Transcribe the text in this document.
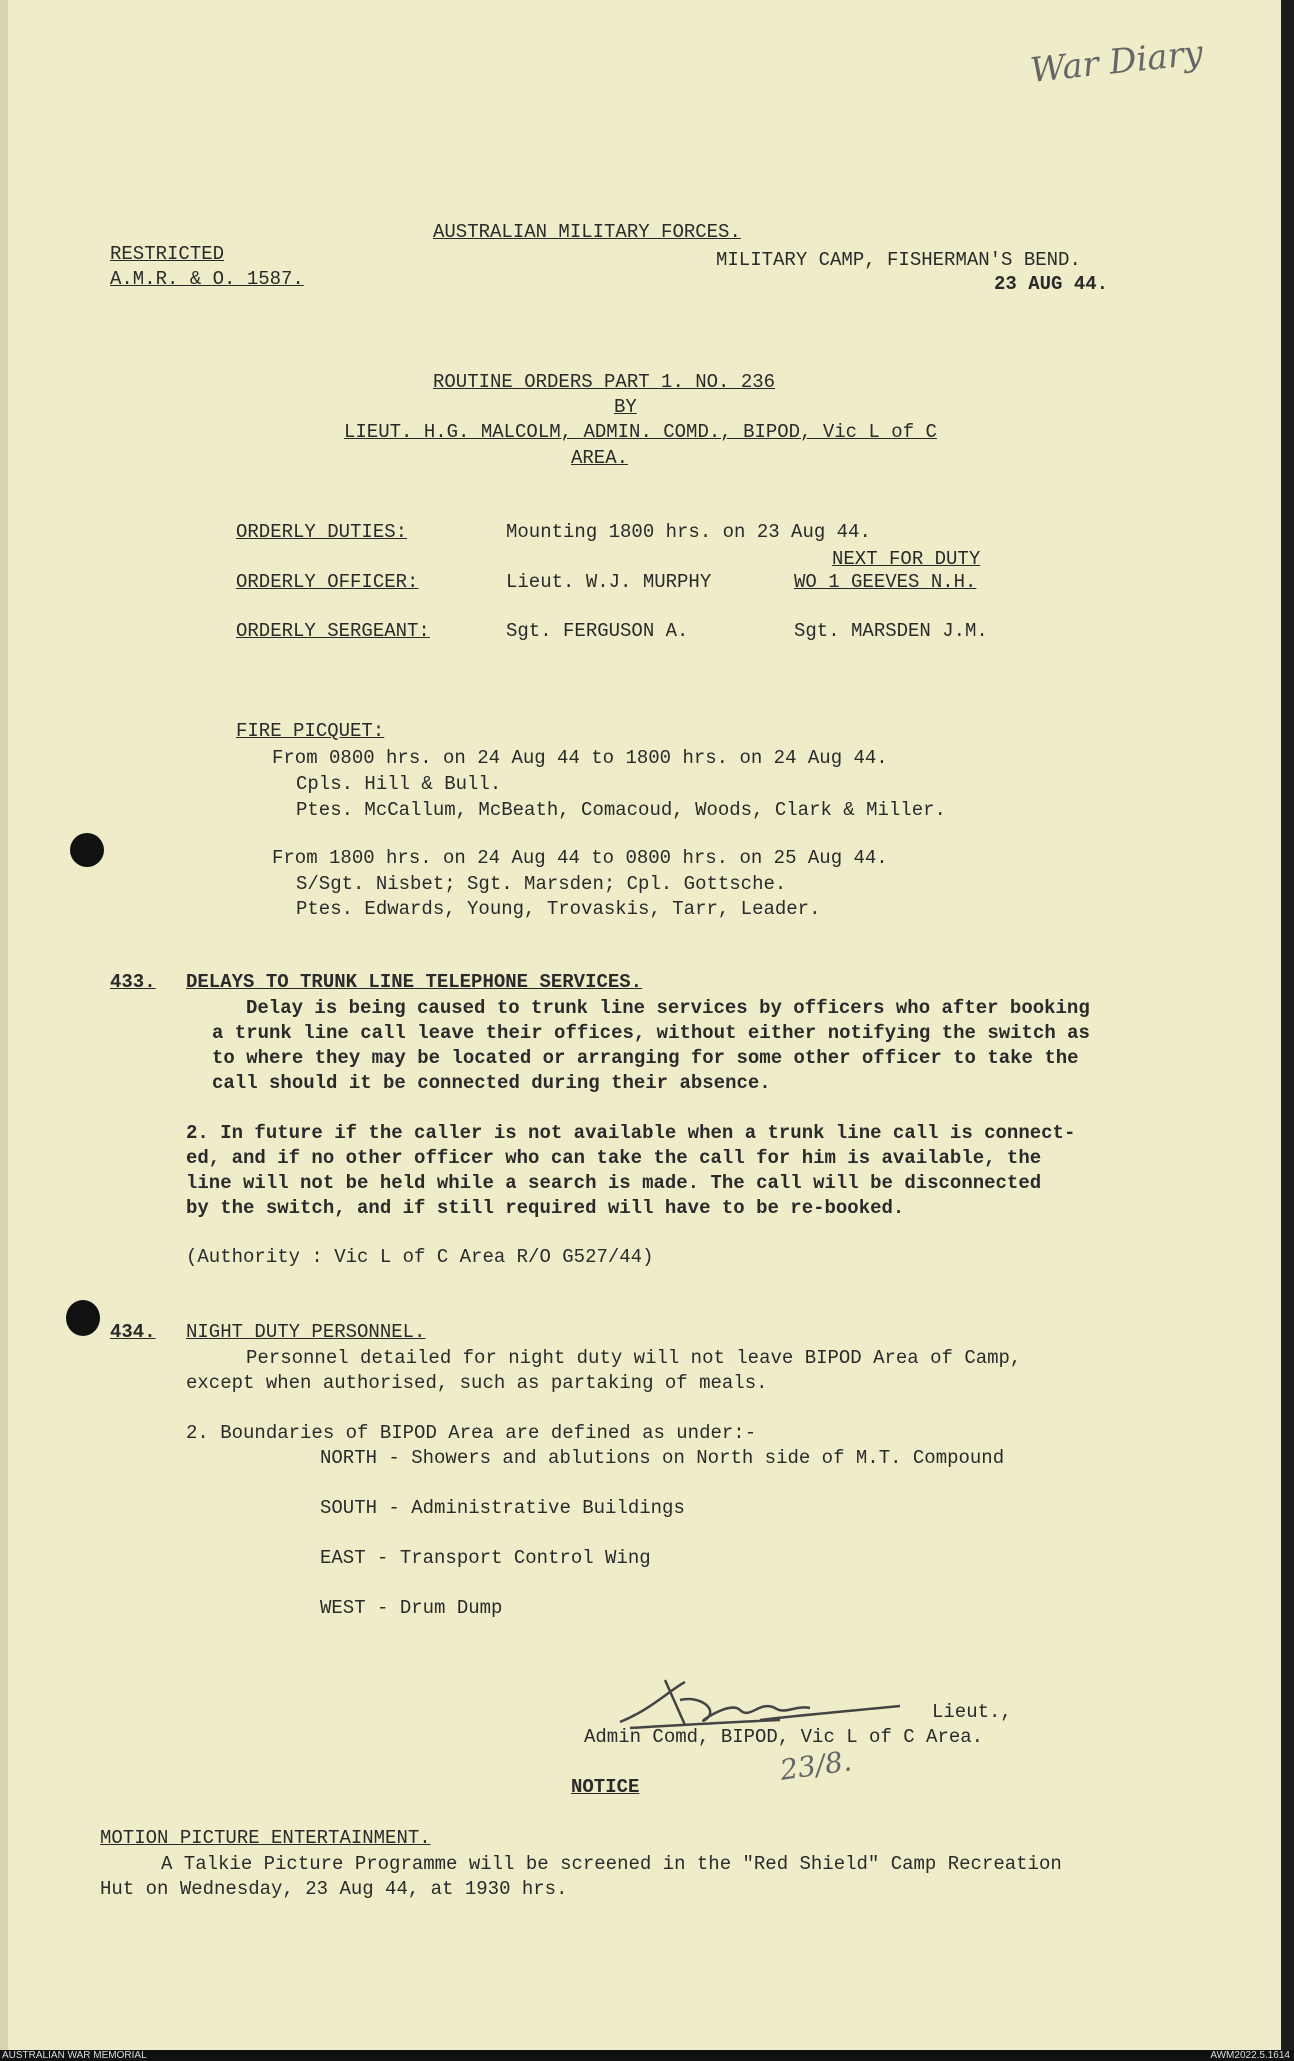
War Diary
AUSTRALIAN MILITARY FORCES.
RESTRICTED
A.M.R. & O. 1587.
MILITARY CAMP, FISHERMAN'S BEND.
23 AUG 44.
ROUTINE ORDERS PART 1. NO. 236
BY
LIEUT. H.G. MALCOLM, ADMIN. COMD., BIPOD, Vic L of C
AREA.
ORDERLY DUTIES:	Mounting 1800 hrs. on 23 Aug 44.
NEXT FOR DUTY
ORDERLY OFFICER:	Lieut. W.J. MURPHY	WO 1 GEEVES N.H.
ORDERLY SERGEANT:	Sgt. FERGUSON A.	Sgt. MARSDEN J.M.
FIRE PICQUET:
From 0800 hrs. on 24 Aug 44 to 1800 hrs. on 24 Aug 44.
Cpls. Hill & Bull.
Ptes. McCallum, McBeath, Comacoud, Woods, Clark & Miller.
From 1800 hrs. on 24 Aug 44 to 0800 hrs. on 25 Aug 44.
S/Sgt. Nisbet; Sgt. Marsden; Cpl. Gottsche.
Ptes. Edwards, Young, Trovaskis, Tarr, Leader.
433. DELAYS TO TRUNK LINE TELEPHONE SERVICES.
Delay is being caused to trunk line services by officers who after booking
a trunk line call leave their offices, without either notifying the switch as
to where they may be located or arranging for some other officer to take the
call should it be connected during their absence.
2. In future if the caller is not available when a trunk line call is connect-
ed, and if no other officer who can take the call for him is available, the
line will not be held while a search is made. The call will be disconnected
by the switch, and if still required will have to be re-booked.
(Authority : Vic L of C Area R/O G527/44)
434. NIGHT DUTY PERSONNEL.
Personnel detailed for night duty will not leave BIPOD Area of Camp,
except when authorised, such as partaking of meals.
2. Boundaries of BIPOD Area are defined as under:-
NORTH - Showers and ablutions on North side of M.T. Compound
SOUTH - Administrative Buildings
EAST - Transport Control Wing
WEST - Drum Dump
Lieut.,
Admin Comd, BIPOD, Vic L of C Area.
23/8.
NOTICE
MOTION PICTURE ENTERTAINMENT.
A Talkie Picture Programme will be screened in the "Red Shield" Camp Recreation
Hut on Wednesday, 23 Aug 44, at 1930 hrs.
AUSTRALIAN WAR MEMORIAL	AWM2022.5.1614
